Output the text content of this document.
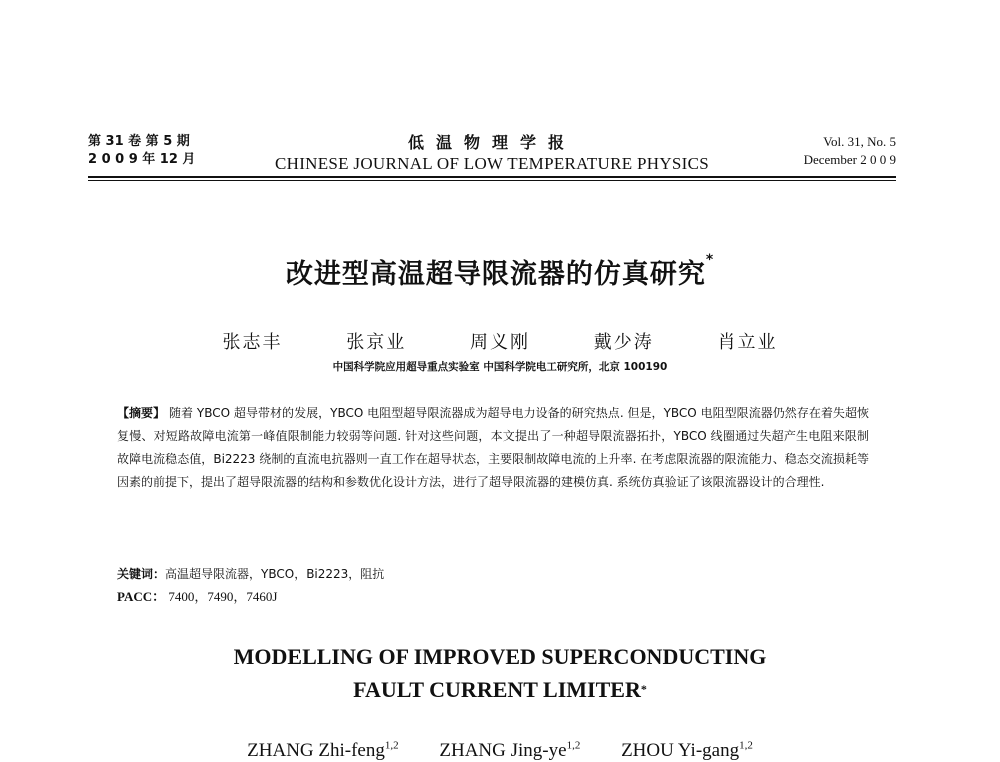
第 31 卷 第 5 期
2 0 0 9 年 12 月
低温物理学报
CHINESE JOURNAL OF LOW TEMPERATURE PHYSICS
Vol. 31, No. 5
December 2 0 0 9
改进型高温超导限流器的仿真研究*
张志丰	张京业	周义刚	戴少涛	肖立业
中国科学院应用超导重点实验室 中国科学院电工研究所，北京 100190
【摘要】 随着 YBCO 超导带材的发展，YBCO 电阻型超导限流器成为超导电力设备的研究热点. 但是，YBCO 电阻型限流器仍然存在着失超恢复慢、对短路故障电流第一峰值限制能力较弱等问题. 针对这些问题，本文提出了一种超导限流器拓扑，YBCO 线圈通过失超产生电阻来限制故障电流稳态值，Bi2223 绕制的直流电抗器则一直工作在超导状态，主要限制故障电流的上升率. 在考虑限流器的限流能力、稳态交流损耗等因素的前提下，提出了超导限流器的结构和参数优化设计方法，进行了超导限流器的建模仿真. 系统仿真验证了该限流器设计的合理性.
关键词：高温超导限流器，YBCO，Bi2223，阻抗
PACC： 7400，7490，7460J
MODELLING OF IMPROVED SUPERCONDUCTING
FAULT CURRENT LIMITER*
ZHANG Zhi-feng$^{1,2}$ ZHANG Jing-ye$^{1,2}$ ZHOU Yi-gang$^{1,2}$
